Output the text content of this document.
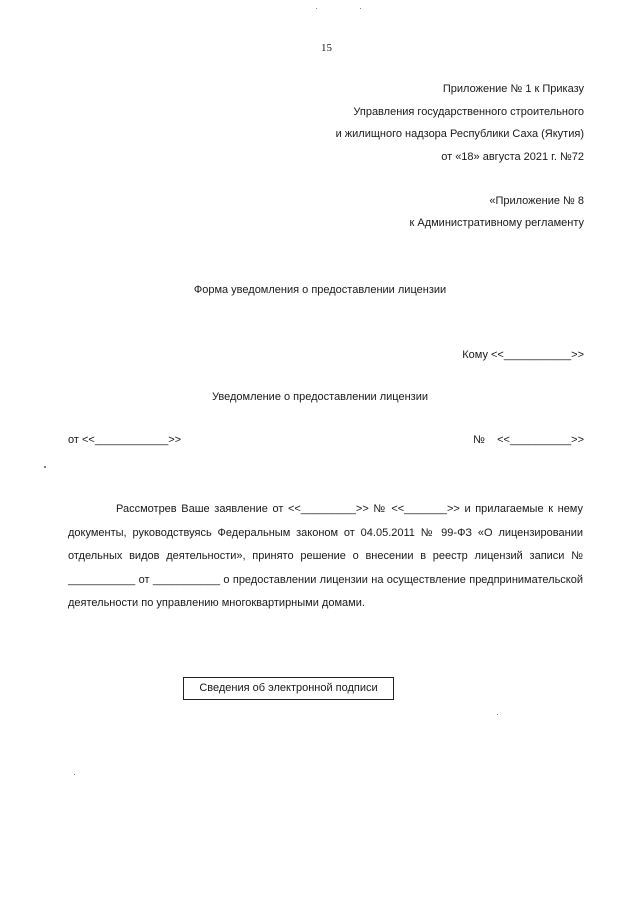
15
Приложение № 1 к Приказу
Управления государственного строительного
и жилищного надзора Республики Саха (Якутия)
от «18» августа 2021 г. №72
«Приложение № 8
к Административному регламенту
Форма уведомления о предоставлении лицензии
Кому <<___________>>
Уведомление о предоставлении лицензии
от <<____________>>	№    <<__________>>
Рассмотрев Ваше заявление от <<_________>> № <<_______>> и прилагаемые к нему документы, руководствуясь Федеральным законом от 04.05.2011 № 99-ФЗ «О лицензировании отдельных видов деятельности», принято решение о внесении в реестр лицензий записи № ___________ от ___________ о предоставлении лицензии на осуществление предпринимательской деятельности по управлению многоквартирными домами.
Сведения об электронной подписи
